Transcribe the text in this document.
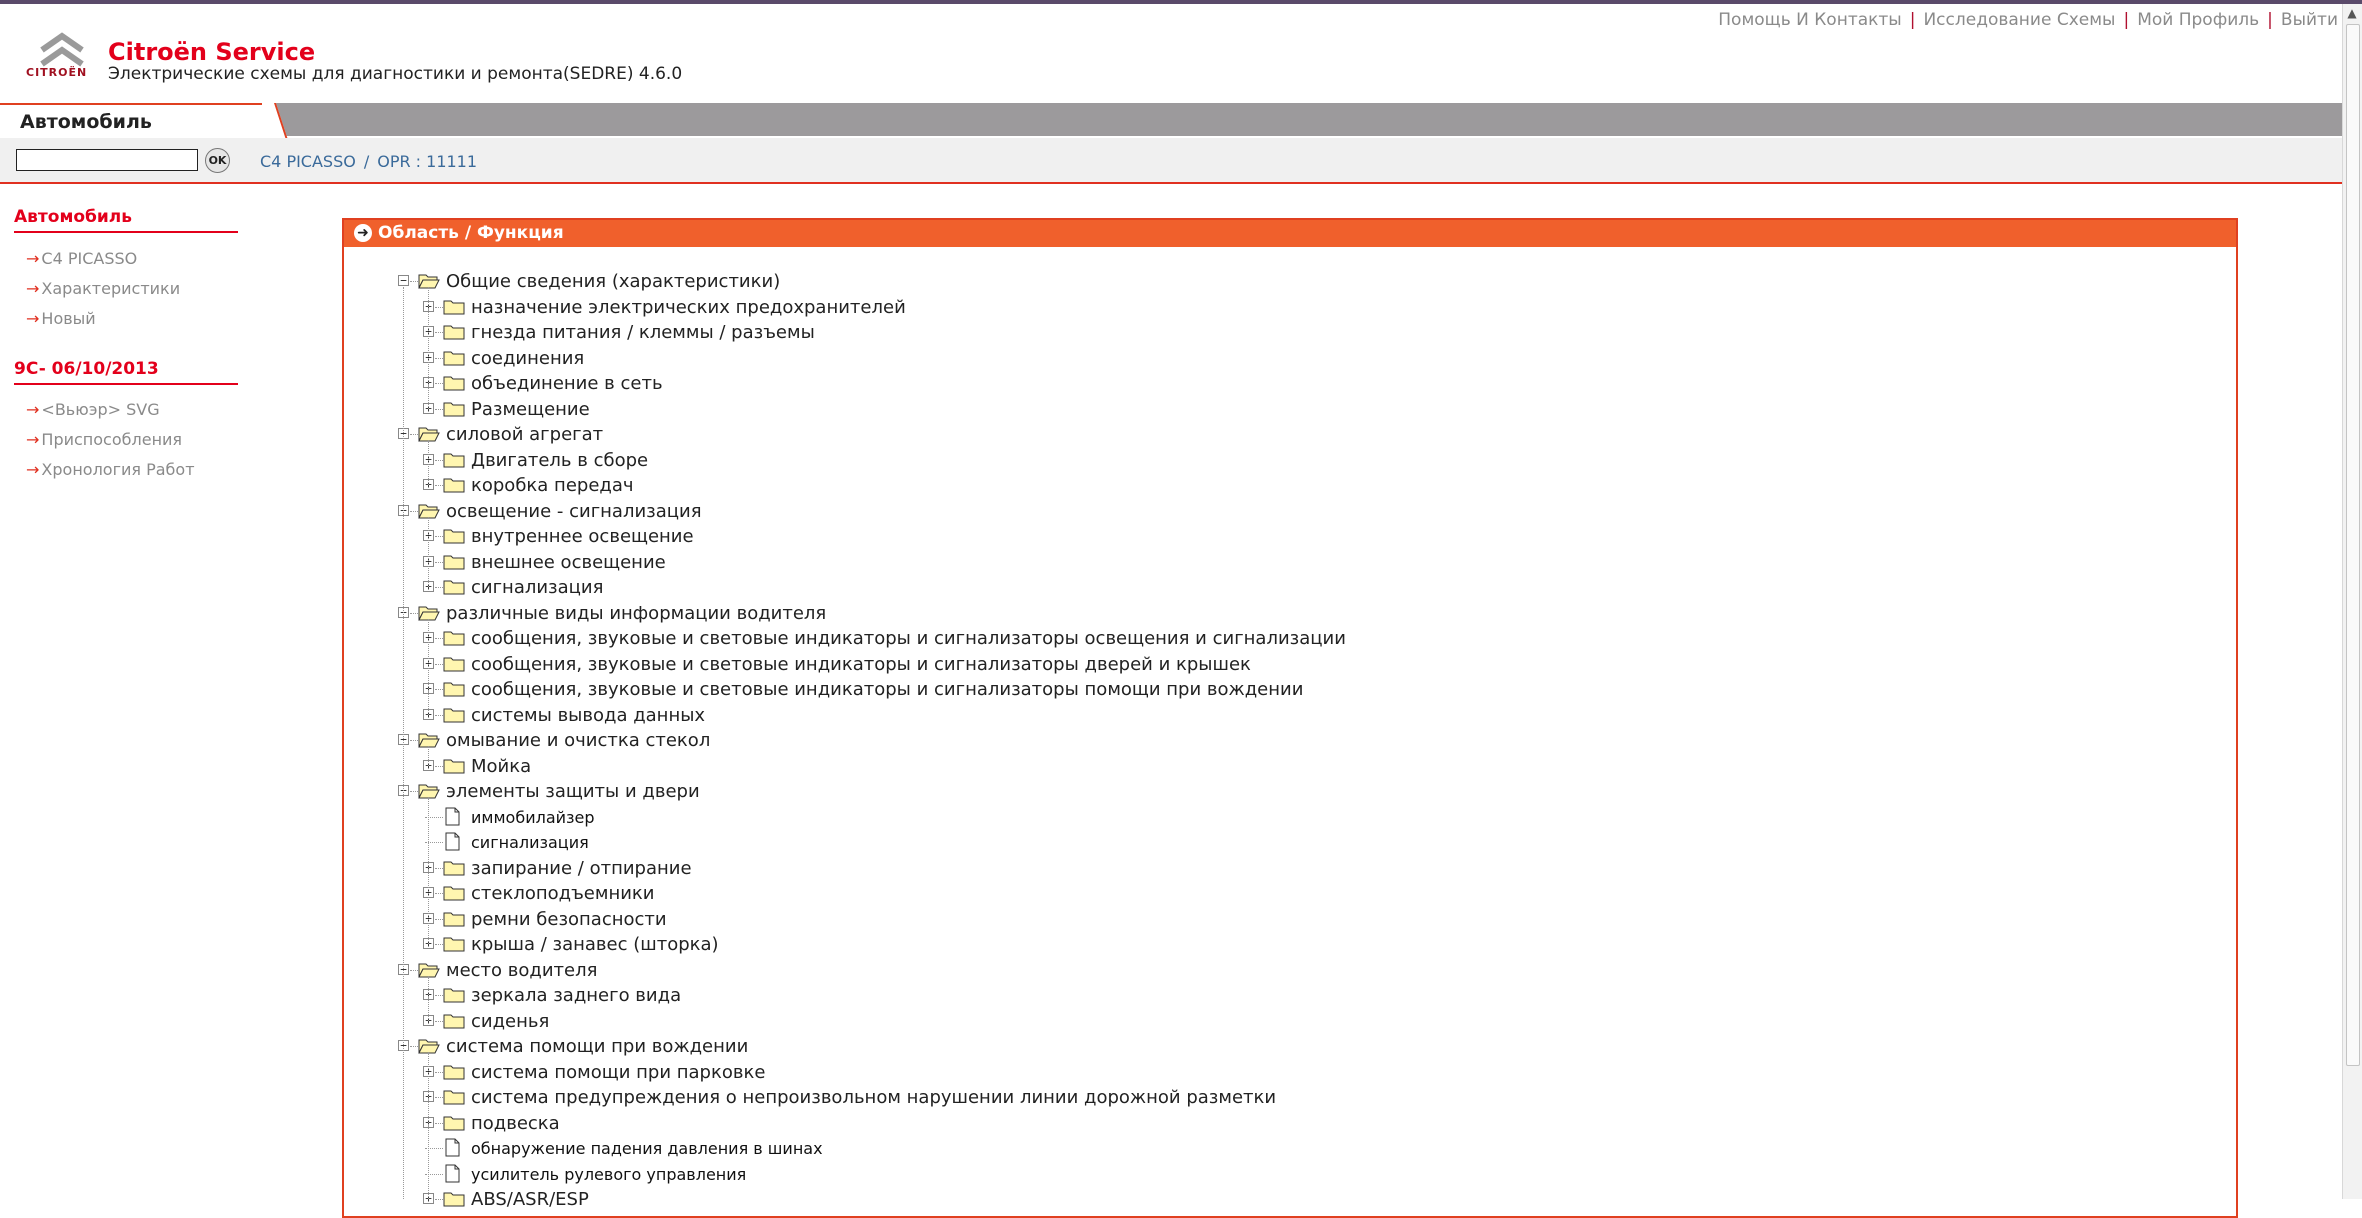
CITROËN
Citroën Service
Электрические схемы для диагностики и ремонта(SEDRE) 4.6.0
Помощь И Контакты | Исследование Схемы | Мой Профиль | Выйти
Автомобиль
OK C4 PICASSO / OPR : 11111
Автомобиль
→ C4 PICASSO
→ Характеристики
→ Новый
9C- 06/10/2013
→ <Вьюэр> SVG
→ Приспособления
→ Хронология Работ
➜ Область / Функция
− Общие сведения (характеристики)
+ назначение электрических предохранителей
+ гнезда питания / клеммы / разъемы
+ соединения
+ объединение в сеть
+ Размещение
− силовой агрегат
+ Двигатель в сборе
+ коробка передач
− освещение - сигнализация
+ внутреннее освещение
+ внешнее освещение
+ сигнализация
− различные виды информации водителя
+ сообщения, звуковые и световые индикаторы и сигнализаторы освещения и сигнализации
+ сообщения, звуковые и световые индикаторы и сигнализаторы дверей и крышек
+ сообщения, звуковые и световые индикаторы и сигнализаторы помощи при вождении
+ системы вывода данных
− омывание и очистка стекол
+ Мойка
− элементы защиты и двери
иммобилайзер
сигнализация
+ запирание / отпирание
+ стеклоподъемники
+ ремни безопасности
+ крыша / занавес (шторка)
− место водителя
+ зеркала заднего вида
+ сиденья
− система помощи при вождении
+ система помощи при парковке
+ система предупреждения о непроизвольном нарушении линии дорожной разметки
+ подвеска
обнаружение падения давления в шинах
усилитель рулевого управления
+ ABS/ASR/ESP
▲
